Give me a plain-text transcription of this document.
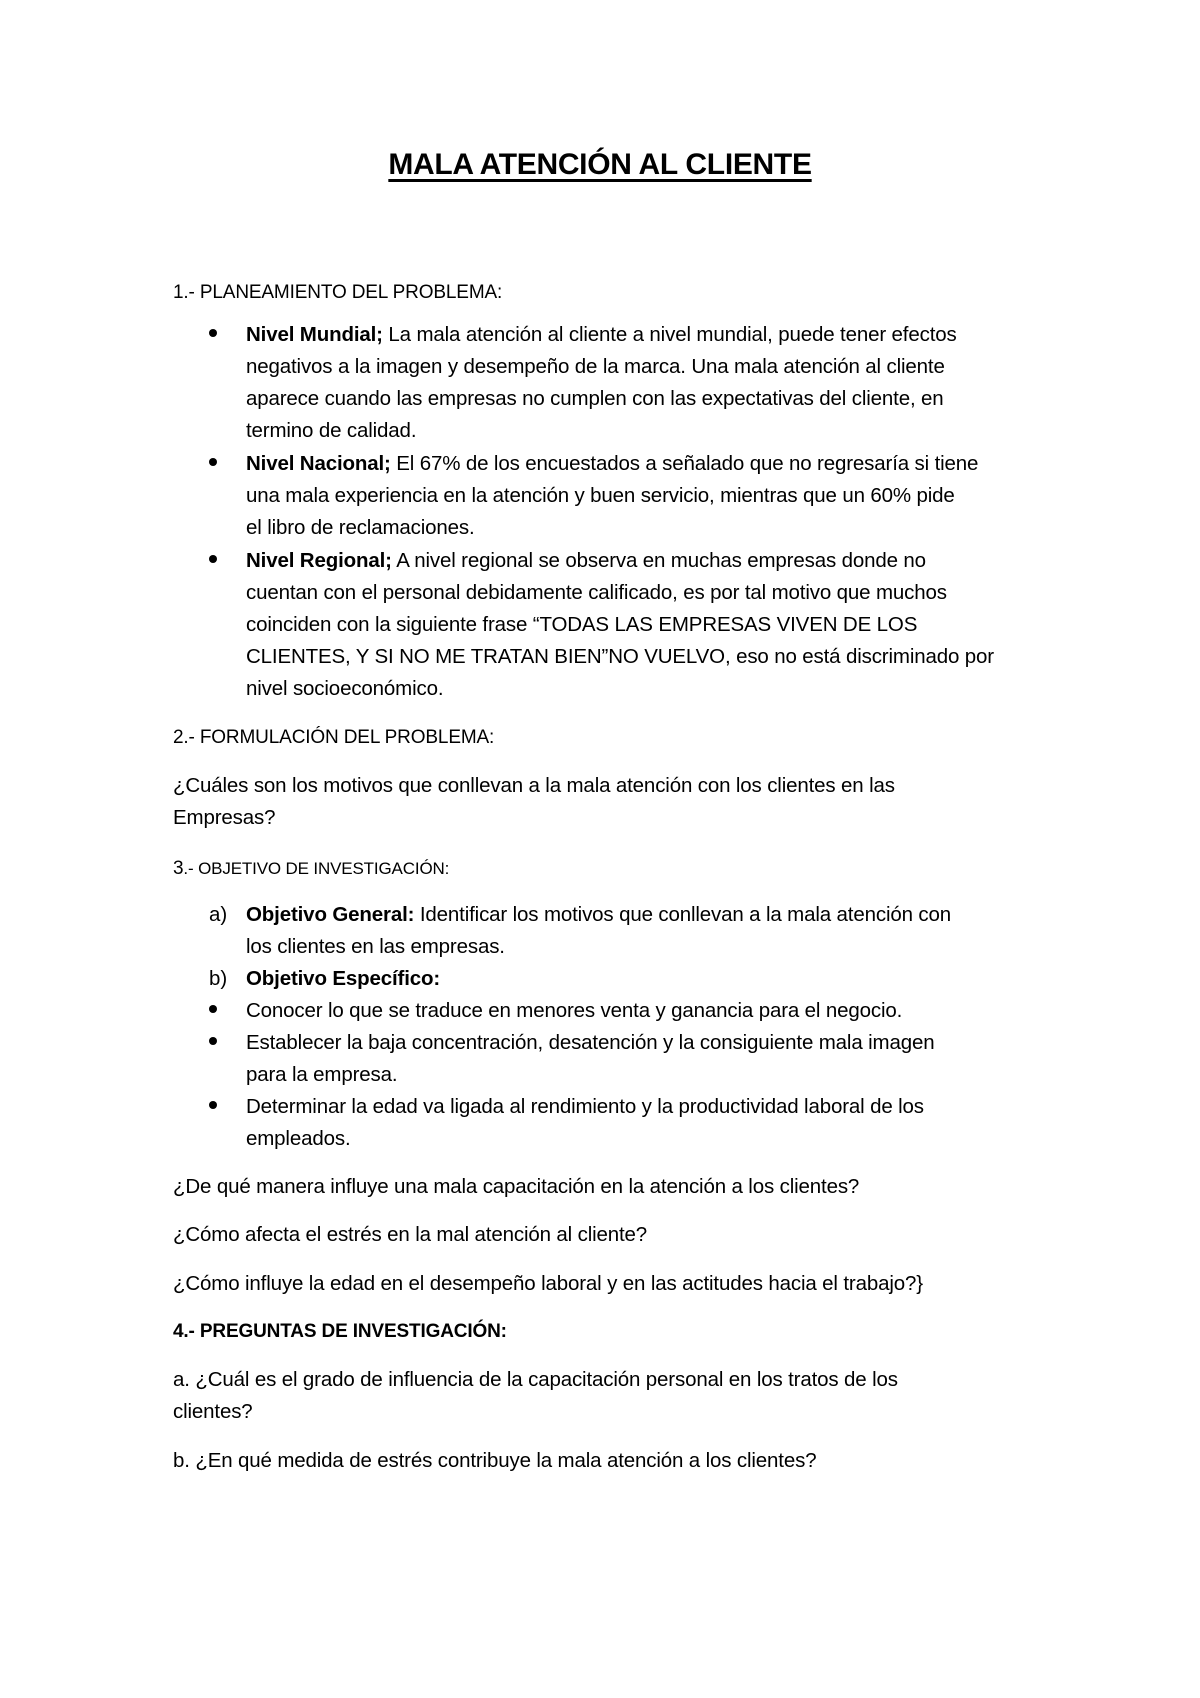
MALA ATENCIÓN AL CLIENTE
1.- PLANEAMIENTO DEL PROBLEMA:
Nivel Mundial; La mala atención al cliente a nivel mundial, puede tener efectos
negativos a la imagen y desempeño de la marca. Una mala atención al cliente
aparece cuando las empresas no cumplen con las expectativas del cliente, en
termino de calidad.
Nivel Nacional; El 67% de los encuestados a señalado que no regresaría si tiene
una mala experiencia en la atención y buen servicio, mientras que un 60% pide
el libro de reclamaciones.
Nivel Regional; A nivel regional se observa en muchas empresas donde no
cuentan con el personal debidamente calificado, es por tal motivo que muchos
coinciden con la siguiente frase “TODAS LAS EMPRESAS VIVEN DE LOS
CLIENTES, Y SI NO ME TRATAN BIEN”NO VUELVO, eso no está discriminado por
nivel socioeconómico.
2.- FORMULACIÓN DEL PROBLEMA:
¿Cuáles son los motivos que conllevan a la mala atención con los clientes en las
Empresas?
3.- OBJETIVO DE INVESTIGACIÓN:
a) Objetivo General: Identificar los motivos que conllevan a la mala atención con
los clientes en las empresas.
b) Objetivo Específico:
Conocer lo que se traduce en menores venta y ganancia para el negocio.
Establecer la baja concentración, desatención y la consiguiente mala imagen
para la empresa.
Determinar la edad va ligada al rendimiento y la productividad laboral de los
empleados.
¿De qué manera influye una mala capacitación en la atención a los clientes?
¿Cómo afecta el estrés en la mal atención al cliente?
¿Cómo influye la edad en el desempeño laboral y en las actitudes hacia el trabajo?}
4.- PREGUNTAS DE INVESTIGACIÓN:
a. ¿Cuál es el grado de influencia de la capacitación personal en los tratos de los
clientes?
b. ¿En qué medida de estrés contribuye la mala atención a los clientes?
